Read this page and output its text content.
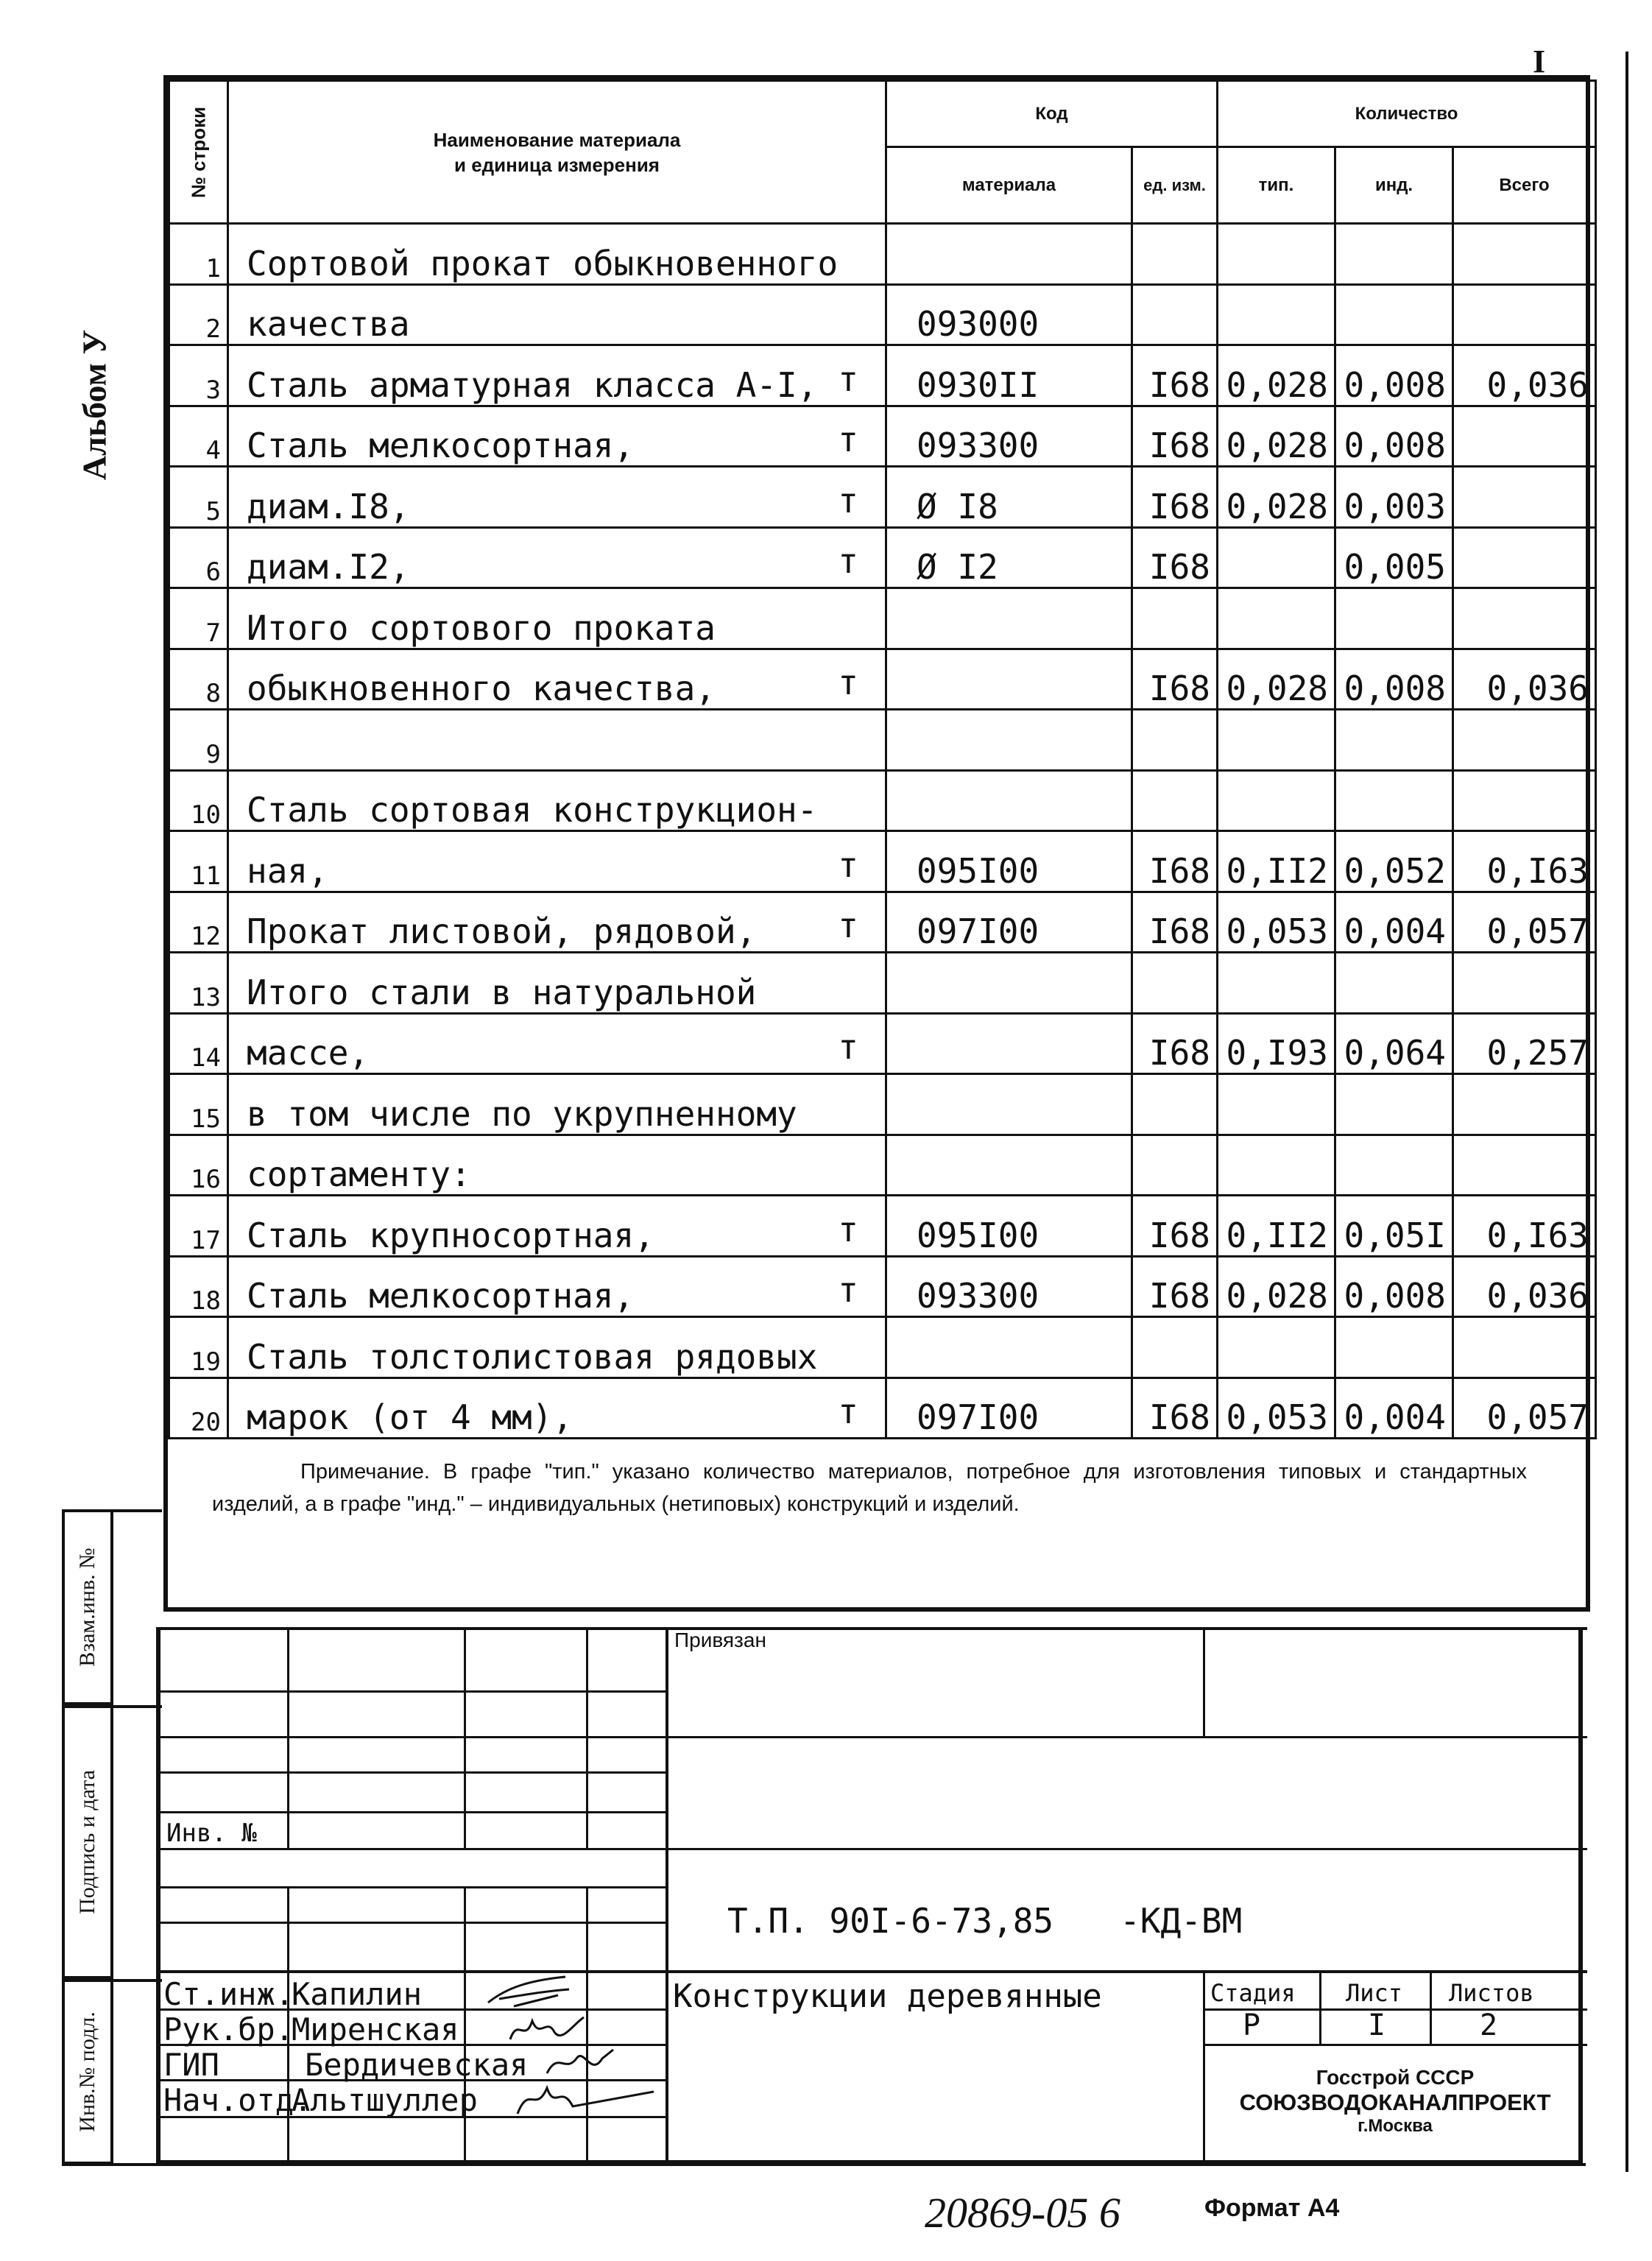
I
Альбом У
№ строки	Наименование материала
и единица измерения	Код		Количество		
		материала	ед. изм.	тип.	инд.	Всего
1	Сортовой прокат обыкновенного

2	качества	093000				
3	Сталь арматурная класса А-I, т	0930II	I68	0,028	0,008	0,036
4	Сталь мелкосортная, т	093300	I68	0,028	0,008	
5	диам.I8, т	Ø I8	I68	0,028	0,003	
6	диам.I2, т	Ø I2	I68		0,005	
7	Итого сортового проката

8	обыкновенного качества, т		I68	0,028	0,008	0,036
9	

10	Сталь сортовая конструкцион-

11	ная, т	095I00	I68	0,II2	0,052	0,I63
12	Прокат листовой, рядовой, т	097I00	I68	0,053	0,004	0,057
13	Итого стали в натуральной

14	массе, т		I68	0,I93	0,064	0,257
15	в том числе по укрупненному

16	сортаменту:

17	Сталь крупносортная, т	095I00	I68	0,II2	0,05I	0,I63
18	Сталь мелкосортная, т	093300	I68	0,028	0,008	0,036
19	Сталь толстолистовая рядовых

20	марок (от 4 мм), т	097I00	I68	0,053	0,004	0,057

Примечание. В графе "тип." указано количество материалов, потребное для изготовления типовых и стандартных изделий, а в графе "инд." – индивидуальных (нетиповых) конструкций и изделий.

Привязан
Инв. №
Т.П. 90I-6-73,85 -КД-ВМ
Конструкции деревянные	Стадия Лист Листов
Р	I	2
Госстрой СССР
СОЮЗВОДОКАНАЛПРОЕКТ
г.Москва
Ст.инж.
Капилин
Рук.бр.
Миренская
ГИП	Бердичевская
Нач.отд.
Альтшуллер
Взам.инв. №
Подпись и дата
Инв.№ подл.
20869-05 6	Формат А4
